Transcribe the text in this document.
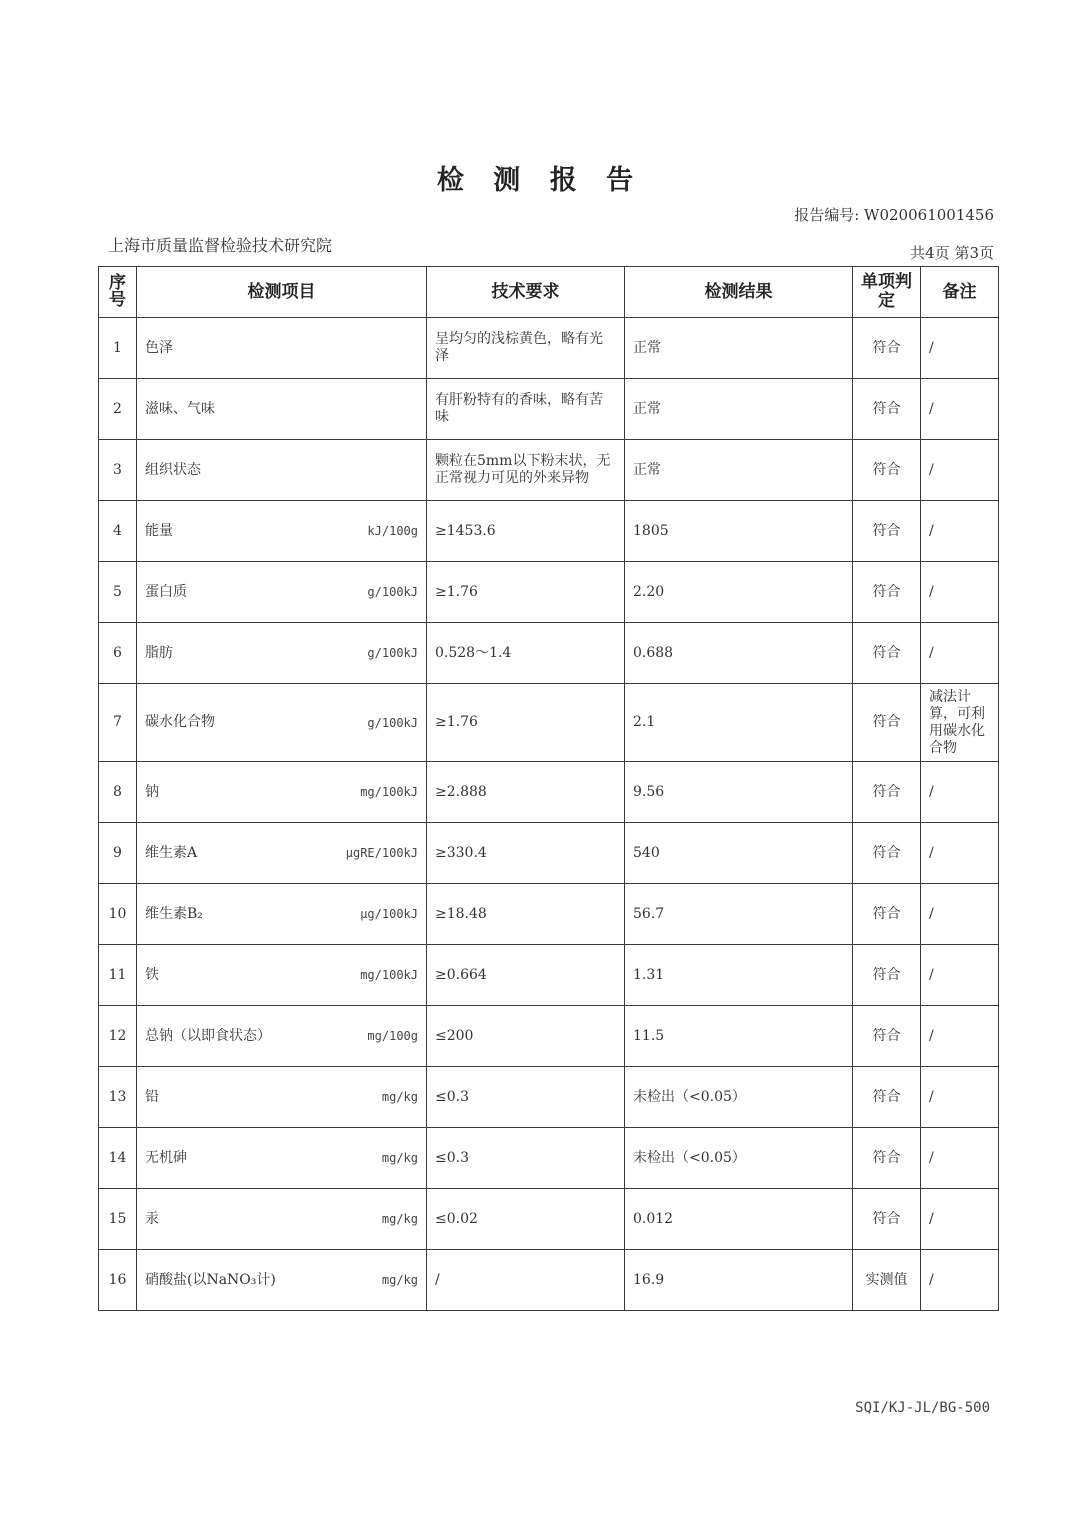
检 测 报 告
报告编号: W020061001456
上海市质量监督检验技术研究院	共4页 第3页
序号	检测项目	技术要求	检测结果	单项判定	备注
1	色泽	呈均匀的浅棕黄色，略有光泽	正常	符合	/
2	滋味、气味	有肝粉特有的香味，略有苦味	正常	符合	/
3	组织状态	颗粒在5mm以下粉末状，无正常视力可见的外来异物	正常	符合	/
4	能量 kJ/100g	≥1453.6	1805	符合	/
5	蛋白质 g/100kJ	≥1.76	2.20	符合	/
6	脂肪 g/100kJ	0.528～1.4	0.688	符合	/
7	碳水化合物 g/100kJ	≥1.76	2.1	符合	减法计算，可利用碳水化合物
8	钠 mg/100kJ	≥2.888	9.56	符合	/
9	维生素A μgRE/100kJ	≥330.4	540	符合	/
10	维生素B₂ μg/100kJ	≥18.48	56.7	符合	/
11	铁 mg/100kJ	≥0.664	1.31	符合	/
12	总钠（以即食状态） mg/100g	≤200	11.5	符合	/
13	铅 mg/kg	≤0.3	未检出（<0.05）	符合	/
14	无机砷 mg/kg	≤0.3	未检出（<0.05）	符合	/
15	汞 mg/kg	≤0.02	0.012	符合	/
16	硝酸盐(以NaNO₃计) mg/kg	/	16.9	实测值	/
SQI/KJ-JL/BG-500
